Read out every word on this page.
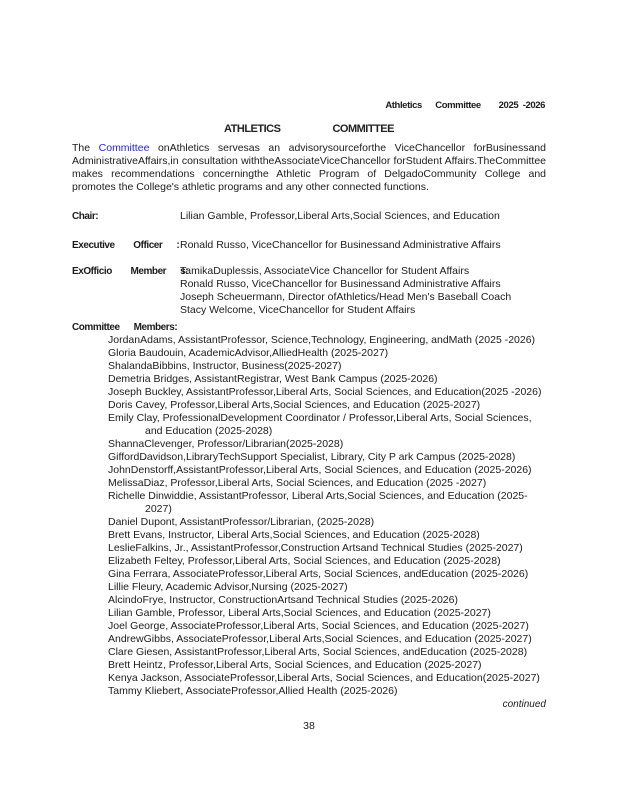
Athletics      Committee        2025  -2026
ATHLETICS	COMMITTEE

The Committee onAthletics servesas an advisorysourceforthe ViceChancellor forBusinessand AdministrativeAffairs,in consultation withtheAssociateViceChancellor forStudent Affairs.TheCommittee makes recommendations concerningthe Athletic Program of DelgadoCommunity College and promotes the College's athletic programs and any other connected functions.

Chair:	Lilian Gamble, Professor,Liberal Arts,Social Sciences, and Education
Executive        Officer      : Ronald Russo, ViceChancellor for Businessand Administrative Affairs
ExOfficio        Member      s:
TamikaDuplessis, AssociateVice Chancellor for Student Affairs
Ronald Russo, ViceChancellor for Businessand Administrative Affairs
Joseph Scheuermann, Director ofAthletics/Head Men's Baseball Coach
Stacy Welcome, ViceChancellor for Student Affairs
Committee      Members:
JordanAdams, AssistantProfessor, Science,Technology, Engineering, andMath (2025 -2026)
Gloria Baudouin, AcademicAdvisor,AlliedHealth (2025-2027)
ShalandaBibbins, Instructor, Business(2025-2027)
Demetria Bridges, AssistantRegistrar, West Bank Campus (2025-2026)
Joseph Buckley, AssistantProfessor,Liberal Arts, Social Sciences, and Education(2025 -2026)
Doris Cavey, Professor,Liberal Arts,Social Sciences, and Education (2025-2027)
Emily Clay, ProfessionalDevelopment Coordinator / Professor,Liberal Arts, Social Sciences, and Education (2025-2028)
ShannaClevenger, Professor/Librarian(2025-2028)
GiffordDavidson,LibraryTechSupport Specialist, Library, City P ark Campus (2025-2028)
JohnDenstorff,AssistantProfessor,Liberal Arts, Social Sciences, and Education (2025-2026)
MelissaDiaz, Professor,Liberal Arts, Social Sciences, and Education (2025 -2027)
Richelle Dinwiddie, AssistantProfessor, Liberal Arts,Social Sciences, and Education (2025-2027)
Daniel Dupont, AssistantProfessor/Librarian, (2025-2028)
Brett Evans, Instructor, Liberal Arts,Social Sciences, and Education (2025-2028)
LeslieFalkins, Jr., AssistantProfessor,Construction Artsand Technical Studies (2025-2027)
Elizabeth Feltey, Professor,Liberal Arts, Social Sciences, and Education (2025-2028)
Gina Ferrara, AssociateProfessor,Liberal Arts, Social Sciences, andEducation (2025-2026)
Lillie Fleury, Academic Advisor,Nursing (2025-2027)
AlcindoFrye, Instructor, ConstructionArtsand Technical Studies (2025-2026)
Lilian Gamble, Professor, Liberal Arts,Social Sciences, and Education (2025-2027)
Joel George, AssociateProfessor,Liberal Arts, Social Sciences, and Education (2025-2027)
AndrewGibbs, AssociateProfessor,Liberal Arts,Social Sciences, and Education (2025-2027)
Clare Giesen, AssistantProfessor,Liberal Arts, Social Sciences, andEducation (2025-2028)
Brett Heintz, Professor,Liberal Arts, Social Sciences, and Education (2025-2027)
Kenya Jackson, AssociateProfessor,Liberal Arts, Social Sciences, and Education(2025-2027)
Tammy Kliebert, AssociateProfessor,Allied Health (2025-2026)
continued
38
